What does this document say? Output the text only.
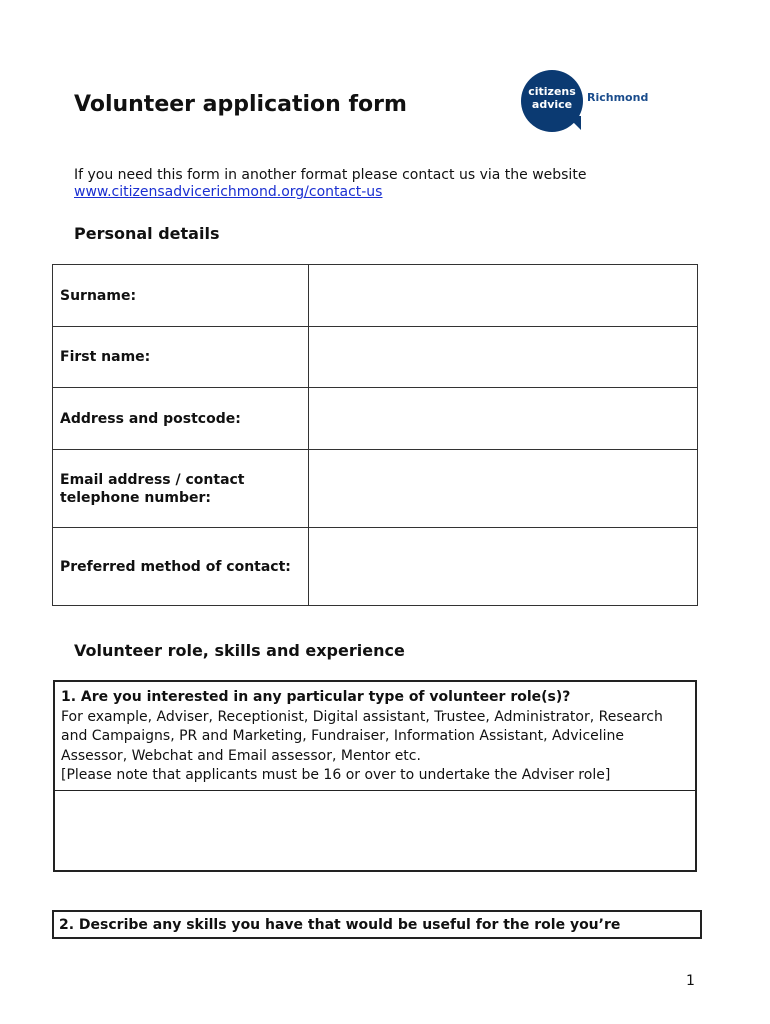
Volunteer application form
citizens
advice
Richmond
If you need this form in another format please contact us via the website
www.citizensadvicerichmond.org/contact-us
Personal details
Surname:	
First name:	
Address and postcode:	
Email address / contact telephone number:	
Preferred method of contact:	
Volunteer role, skills and experience
1. Are you interested in any particular type of volunteer role(s)?
For example, Adviser, Receptionist, Digital assistant, Trustee, Administrator, Research and Campaigns, PR and Marketing, Fundraiser, Information Assistant, Adviceline Assessor, Webchat and Email assessor, Mentor etc.
[Please note that applicants must be 16 or over to undertake the Adviser role]
2. Describe any skills you have that would be useful for the role you’re
1
